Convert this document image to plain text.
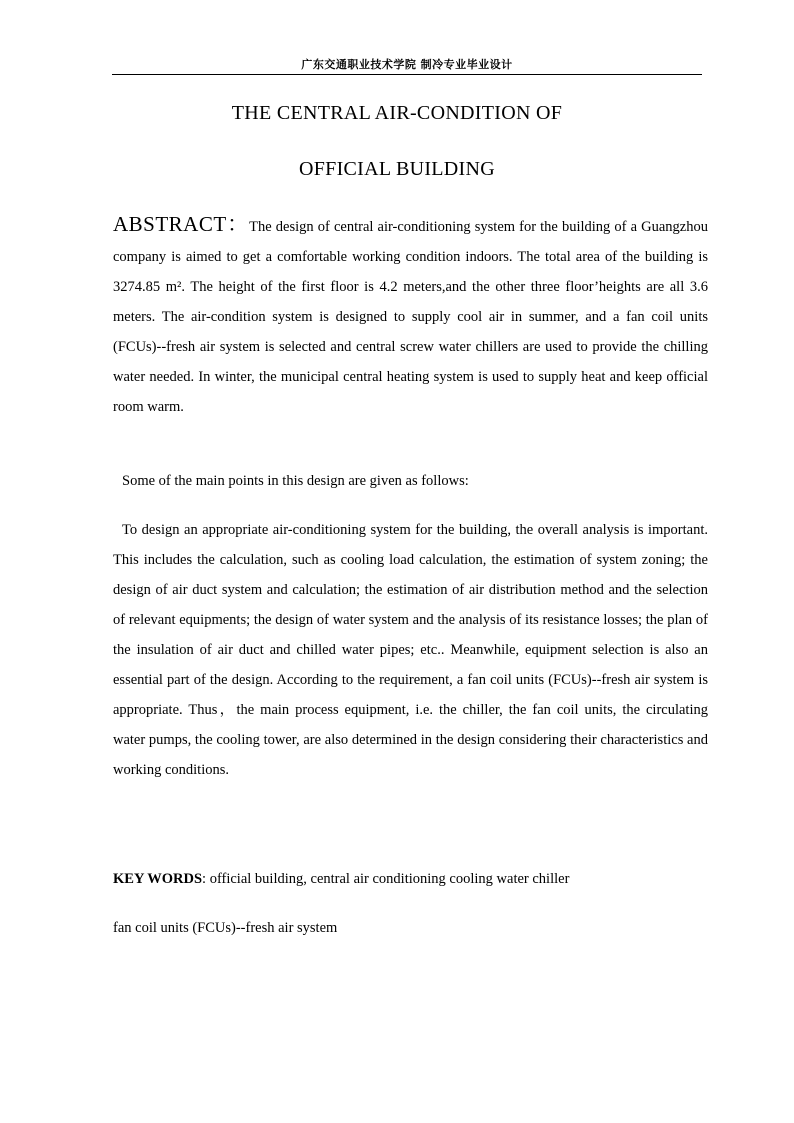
广东交通职业技术学院 制冷专业毕业设计
THE CENTRAL AIR-CONDITION OF
OFFICIAL BUILDING

ABSTRACT：The design of central air-conditioning system for the building of a Guangzhou company is aimed to get a comfortable working condition indoors. The total area of the building is 3274.85 m². The height of the first floor is 4.2 meters,and the other three floor’heights are all 3.6 meters. The air-condition system is designed to supply cool air in summer, and a fan coil units (FCUs)--fresh air system is selected and central screw water chillers are used to provide the chilling water needed. In winter, the municipal central heating system is used to supply heat and keep official room warm.

Some of the main points in this design are given as follows:

To design an appropriate air-conditioning system for the building, the overall analysis is important. This includes the calculation, such as cooling load calculation, the estimation of system zoning; the design of air duct system and calculation; the estimation of air distribution method and the selection of relevant equipments; the design of water system and the analysis of its resistance losses; the plan of the insulation of air duct and chilled water pipes; etc.. Meanwhile, equipment selection is also an essential part of the design. According to the requirement, a fan coil units (FCUs)--fresh air system is appropriate. Thus，the main process equipment, i.e. the chiller, the fan coil units, the circulating water pumps, the cooling tower, are also determined in the design considering their characteristics and working conditions.

KEY WORDS: official building, central air conditioning cooling water chiller

fan coil units (FCUs)--fresh air system
